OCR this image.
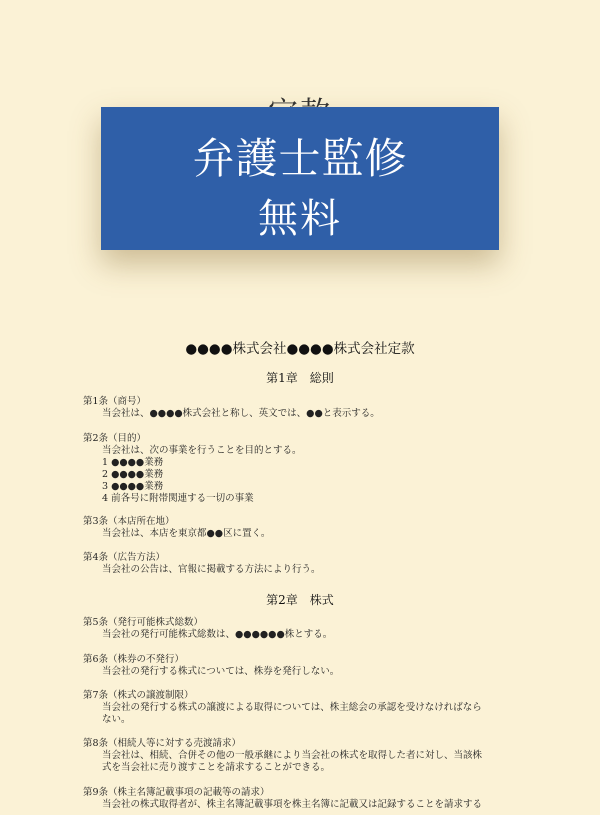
●●●●株式会社●●●●株式会社定款
第1章　総則
第1条（商号）
当会社は、●●●●株式会社と称し、英文では、●●と表示する。
第2条（目的）
当会社は、次の事業を行うことを目的とする。
1 ●●●●業務
2 ●●●●業務
3 ●●●●業務
4 前各号に附帯関連する一切の事業
第3条（本店所在地）
当会社は、本店を東京都●●区に置く。
第4条（広告方法）
当会社の公告は、官報に掲載する方法により行う。
第2章　株式
第5条（発行可能株式総数）
当会社の発行可能株式総数は、●●●●●●株とする。
第6条（株券の不発行）
当会社の発行する株式については、株券を発行しない。
第7条（株式の譲渡制限）
当会社の発行する株式の譲渡による取得については、株主総会の承認を受けなければなら
ない。
第8条（相続人等に対する売渡請求）
当会社は、相続、合併その他の一般承継により当会社の株式を取得した者に対し、当該株
式を当会社に売り渡すことを請求することができる。
第9条（株主名簿記載事項の記載等の請求）
当会社の株式取得者が、株主名簿記載事項を株主名簿に記載又は記録することを請求する
弁護士監修
無料
